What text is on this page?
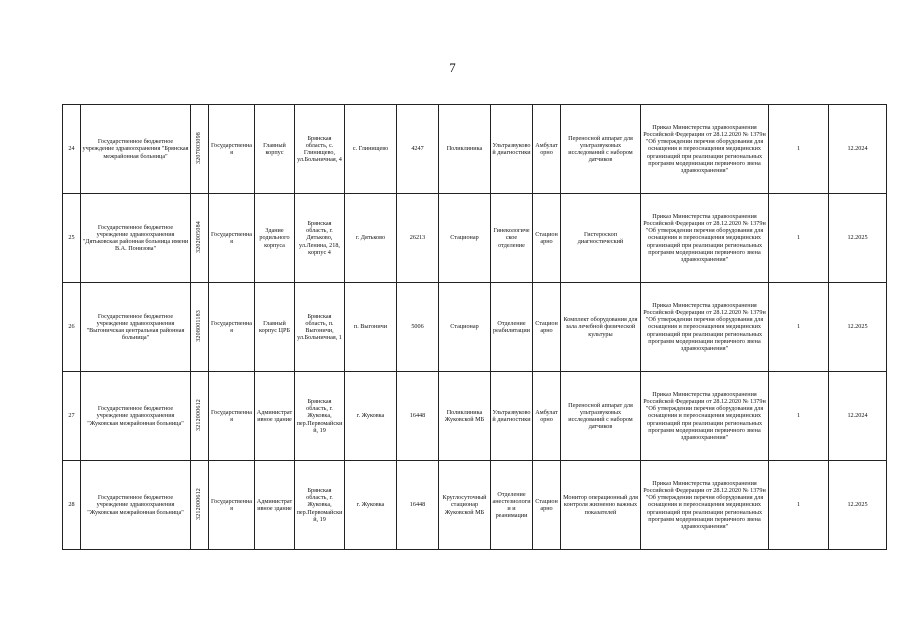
7
24	Государственное бюджетное учреждение здравоохранения "Брянская межрайонная больница"	3207003098	Государственная	Главный корпус	Брянская область, с. Глинищево, ул.Больничная, 4	с. Глинищево	4247	Поликлиника	Ультразвуковой диагностики	Амбулаторно	Переносной аппарат для ультразвуковых исследований с набором датчиков	Приказ Министерства здравоохранения Российской Федерации от 28.12.2020 № 1379н "Об утверждении перечня оборудования для оснащения и переоснащения медицинских организаций при реализации региональных программ модернизации первичного звена здравоохранения"	1	12.2024
25	Государственное бюджетное учреждение здравоохранения "Дятьковская районная больница имени В.А. Понизова"	3202005084	Государственная	Здание родильного корпуса	Брянская область, г. Дятьково, ул.Ленина, 218, корпус 4	г. Дятьково	26213	Стационар	Гинекологическое отделение	Стационарно	Гистероскоп диагностический	Приказ Министерства здравоохранения Российской Федерации от 28.12.2020 № 1379н "Об утверждении перечня оборудования для оснащения и переоснащения медицинских организаций при реализации региональных программ модернизации первичного звена здравоохранения"	1	12.2025
26	Государственное бюджетное учреждение здравоохранения "Выгоничская центральная районная больница"	3208001183	Государственная	Главный корпус ЦРБ	Брянская область, п. Выгоничи, ул.Больничная, 1	п. Выгоничи	5006	Стационар	Отделение реабилитации	Стационарно	Комплект оборудования для зала лечебной физической культуры	Приказ Министерства здравоохранения Российской Федерации от 28.12.2020 № 1379н "Об утверждении перечня оборудования для оснащения и переоснащения медицинских организаций при реализации региональных программ модернизации первичного звена здравоохранения"	1	12.2025
27	Государственное бюджетное учреждение здравоохранения "Жуковская межрайонная больница"	3212000612	Государственная	Административное здание	Брянская область, г. Жуковка, пер.Первомайский, 19	г. Жуковка	16448	Поликлиника Жуковской МБ	Ультразвуковой диагностики	Амбулаторно	Переносной аппарат для ультразвуковых исследований с набором датчиков	Приказ Министерства здравоохранения Российской Федерации от 28.12.2020 № 1379н "Об утверждении перечня оборудования для оснащения и переоснащения медицинских организаций при реализации региональных программ модернизации первичного звена здравоохранения"	1	12.2024
28	Государственное бюджетное учреждение здравоохранения "Жуковская межрайонная больница"	3212000612	Государственная	Административное здание	Брянская область, г. Жуковка, пер.Первомайский, 19	г. Жуковка	16448	Круглосуточный стационар Жуковской МБ	Отделение анестезиологии и реанимации	Стационарно	Монитор операционный для контроля жизненно важных показателей	Приказ Министерства здравоохранения Российской Федерации от 28.12.2020 № 1379н "Об утверждении перечня оборудования для оснащения и переоснащения медицинских организаций при реализации региональных программ модернизации первичного звена здравоохранения"	1	12.2025
